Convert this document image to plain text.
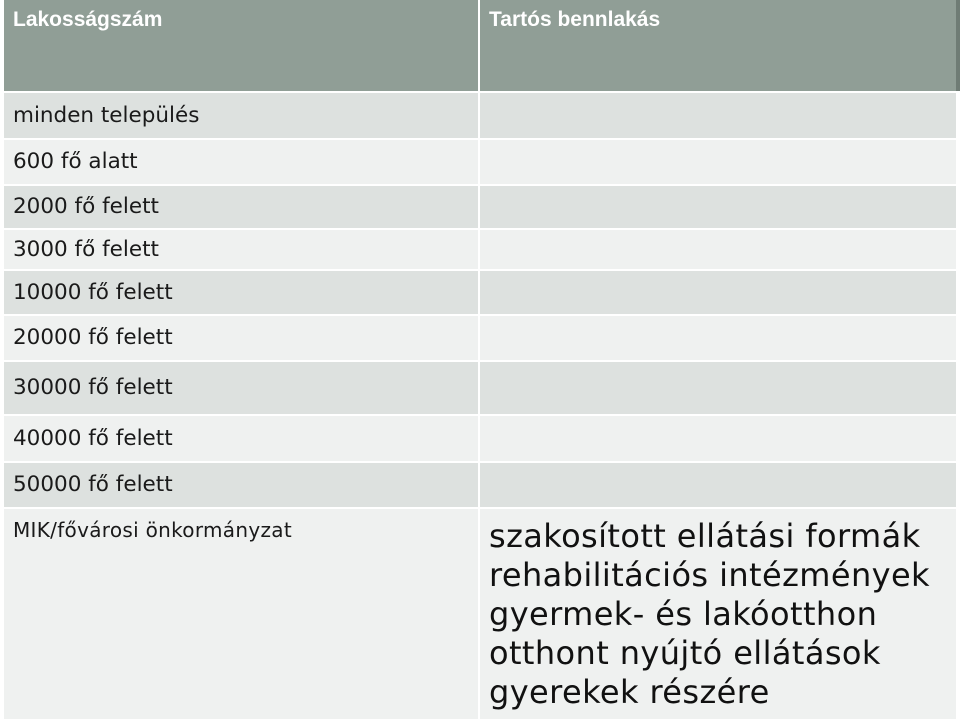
Lakosságszám	Tartós bennlakás
minden település
600 fő alatt
2000 fő felett
3000 fő felett
10000 fő felett
20000 fő felett
30000 fő felett
40000 fő felett
50000 fő felett
MIK/fővárosi önkormányzat	szakosított ellátási formák
rehabilitációs intézmények
gyermek- és lakóotthon
otthont nyújtó ellátások
gyerekek részére
